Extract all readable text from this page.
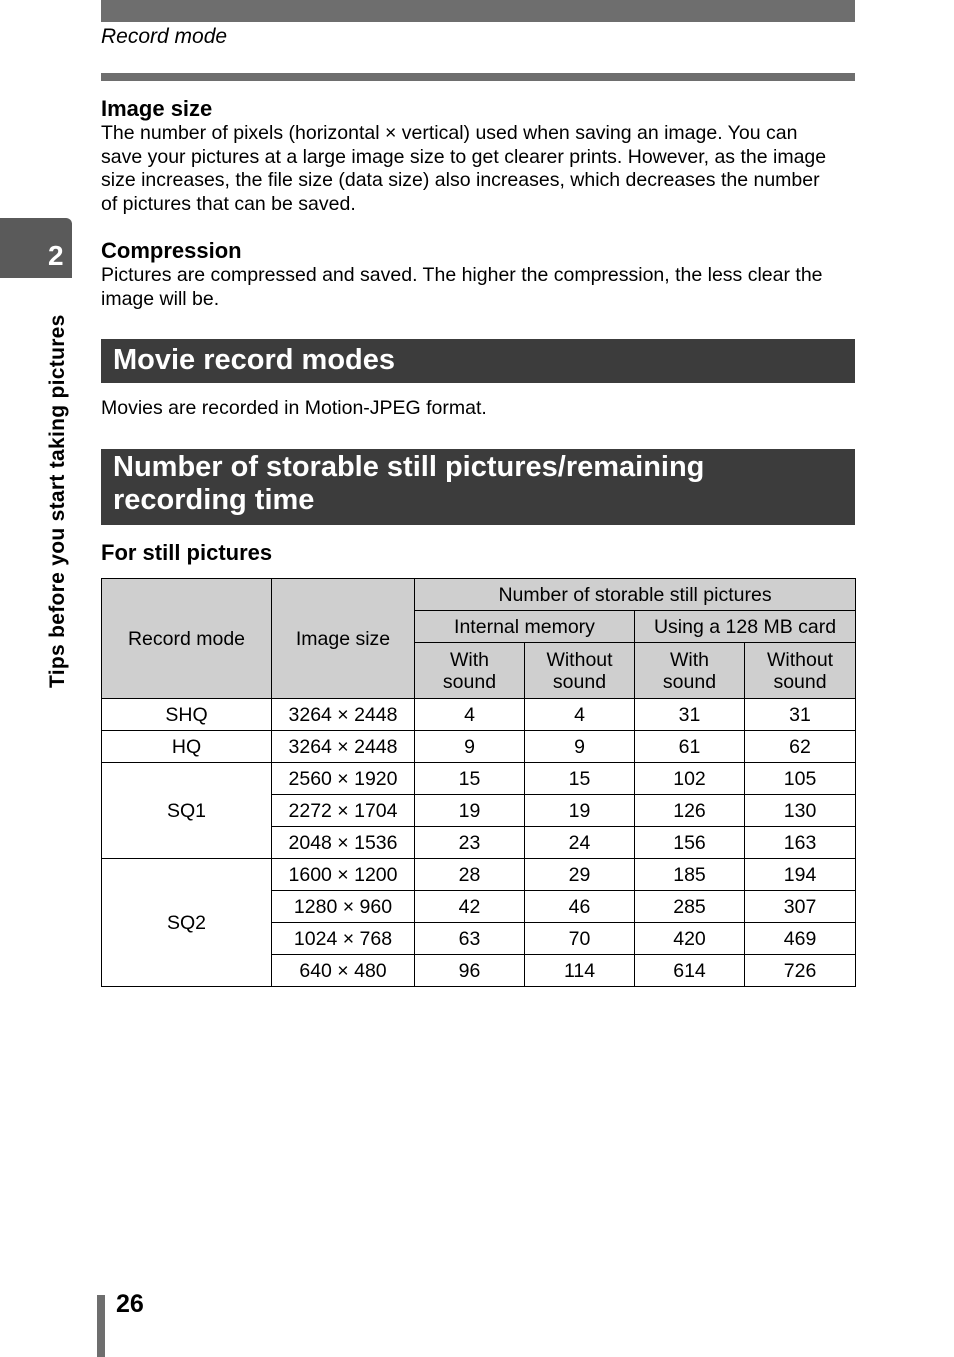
Record mode
2
Tips before you start taking pictures
Image size
The number of pixels (horizontal × vertical) used when saving an image. You can
save your pictures at a large image size to get clearer prints. However, as the image
size increases, the file size (data size) also increases, which decreases the number
of pictures that can be saved.
Compression
Pictures are compressed and saved. The higher the compression, the less clear the
image will be.
Movie record modes
Movies are recorded in Motion-JPEG format.
Number of storable still pictures/remaining
recording time
For still pictures
Record mode	Image size	Number of storable still pictures			
		Internal memory		Using a 128 MB card	
		With sound	Without sound	With sound	Without sound
SHQ	3264 × 2448	4	4	31	31
HQ	3264 × 2448	9	9	61	62
SQ1	2560 × 1920	15	15	102	105
	2272 × 1704	19	19	126	130
	2048 × 1536	23	24	156	163
SQ2	1600 × 1200	28	29	185	194
	1280 × 960	42	46	285	307
	1024 × 768	63	70	420	469
	640 × 480	96	114	614	726
26
